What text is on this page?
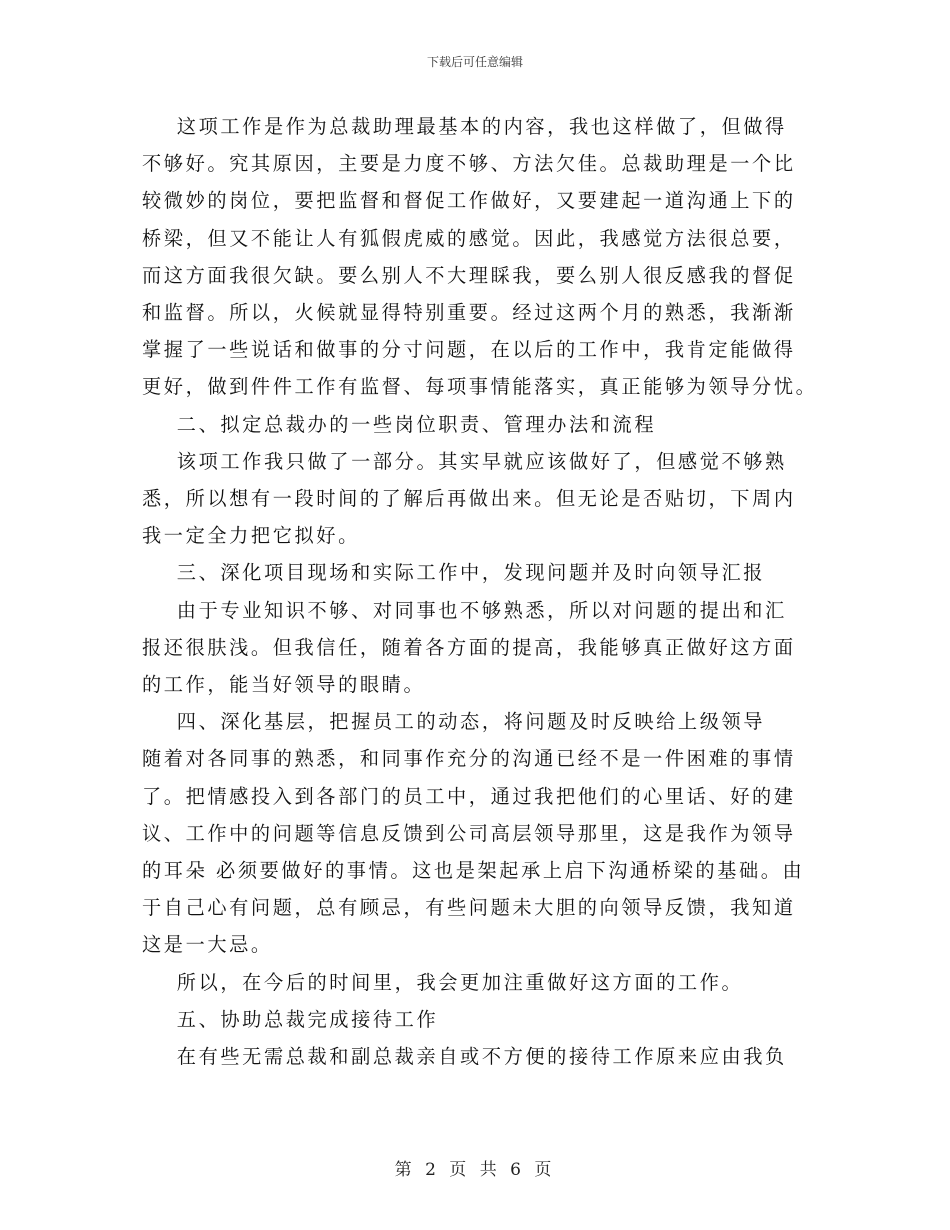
下载后可任意编辑

这项工作是作为总裁助理最基本的内容，我也这样做了，但做得

不够好。究其原因，主要是力度不够、方法欠佳。总裁助理是一个比

较微妙的岗位，要把监督和督促工作做好，又要建起一道沟通上下的

桥梁，但又不能让人有狐假虎威的感觉。因此，我感觉方法很总要，

而这方面我很欠缺。要么别人不大理睬我，要么别人很反感我的督促

和监督。所以，火候就显得特别重要。经过这两个月的熟悉，我渐渐

掌握了一些说话和做事的分寸问题，在以后的工作中，我肯定能做得

更好，做到件件工作有监督、每项事情能落实，真正能够为领导分忧。

二、拟定总裁办的一些岗位职责、管理办法和流程

该项工作我只做了一部分。其实早就应该做好了，但感觉不够熟

悉，所以想有一段时间的了解后再做出来。但无论是否贴切，下周内

我一定全力把它拟好。

三、深化项目现场和实际工作中，发现问题并及时向领导汇报

由于专业知识不够、对同事也不够熟悉，所以对问题的提出和汇

报还很肤浅。但我信任，随着各方面的提高，我能够真正做好这方面

的工作，能当好领导的眼睛。

四、深化基层，把握员工的动态，将问题及时反映给上级领导

随着对各同事的熟悉，和同事作充分的沟通已经不是一件困难的事情

了。把情感投入到各部门的员工中，通过我把他们的心里话、好的建

议、工作中的问题等信息反馈到公司高层领导那里，这是我作为领导

的耳朵 必须要做好的事情。这也是架起承上启下沟通桥梁的基础。由

于自己心有问题，总有顾忌，有些问题未大胆的向领导反馈，我知道

这是一大忌。

所以，在今后的时间里，我会更加注重做好这方面的工作。

五、协助总裁完成接待工作

在有些无需总裁和副总裁亲自或不方便的接待工作原来应由我负

第 2 页 共 6 页
